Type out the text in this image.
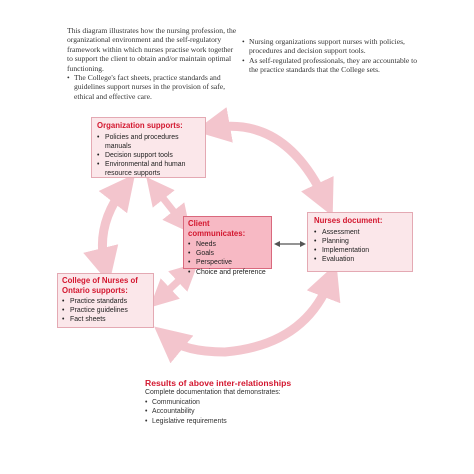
This diagram illustrates how the nursing profession, the organizational environment and the self-regulatory framework within which nurses practise work together to support the client to obtain and/or maintain optimal functioning.
• The College's fact sheets, practice standards and guidelines support nurses in the provision of safe, ethical and effective care.
• Nursing organizations support nurses with policies, procedures and decision support tools.
• As self-regulated professionals, they are accountable to the practice standards that the College sets.
Organization supports:
• Policies and procedures manuals
• Decision support tools
• Environmental and human resource supports
Client communicates:
• Needs
• Goals
• Perspective
• Choice and preference
Nurses document:
• Assessment
• Planning
• Implementation
• Evaluation
College of Nurses of Ontario supports:
• Practice standards
• Practice guidelines
• Fact sheets
Results of above inter-relationships
Complete documentation that demonstrates:
• Communication
• Accountability
• Legislative requirements
